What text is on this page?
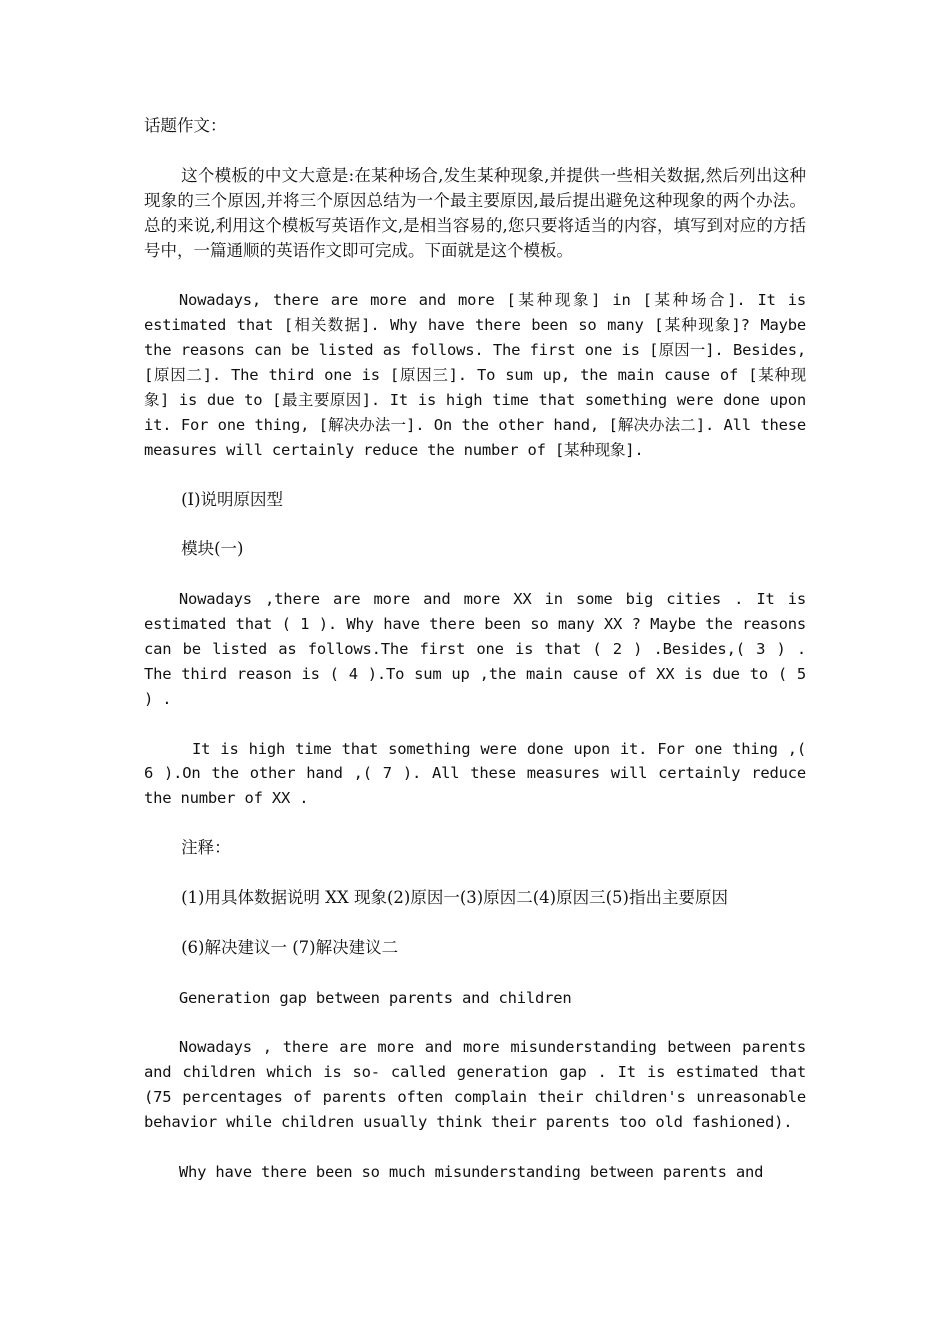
话题作文：

这个模板的中文大意是:在某种场合,发生某种现象,并提供一些相关数据,然后列出这种现象的三个原因,并将三个原因总结为一个最主要原因,最后提出避免这种现象的两个办法。总的来说,利用这个模板写英语作文,是相当容易的,您只要将适当的内容，填写到对应的方括号中，一篇通顺的英语作文即可完成。下面就是这个模板。

Nowadays, there are more and more [某种现象] in [某种场合]. It is estimated that [相关数据]. Why have there been so many [某种现象]? Maybe the reasons can be listed as follows. The first one is [原因一]. Besides, [原因二]. The third one is [原因三]. To sum up, the main cause of [某种现象] is due to [最主要原因]. It is high time that something were done upon it. For one thing, [解决办法一]. On the other hand, [解决办法二]. All these measures will certainly reduce the number of [某种现象].

(I)说明原因型

模块(一)

Nowadays ,there are more and more XX in some big cities . It is estimated that ( 1 ). Why have there been so many XX ? Maybe the reasons can be listed as follows.The first one is that ( 2 ) .Besides,( 3 ) . The third reason is ( 4 ).To sum up ,the main cause of XX is due to ( 5 ) .

It is high time that something were done upon it. For one thing ,( 6 ).On the other hand ,( 7 ). All these measures will certainly reduce the number of XX .

注释：

(1)用具体数据说明 XX 现象(2)原因一(3)原因二(4)原因三(5)指出主要原因

(6)解决建议一 (7)解决建议二

Generation gap between parents and children

Nowadays , there are more and more misunderstanding between parents and children which is so- called generation gap . It is estimated that (75 percentages of parents often complain their children's unreasonable behavior while children usually think their parents too old fashioned).

Why have there been so much misunderstanding between parents and
